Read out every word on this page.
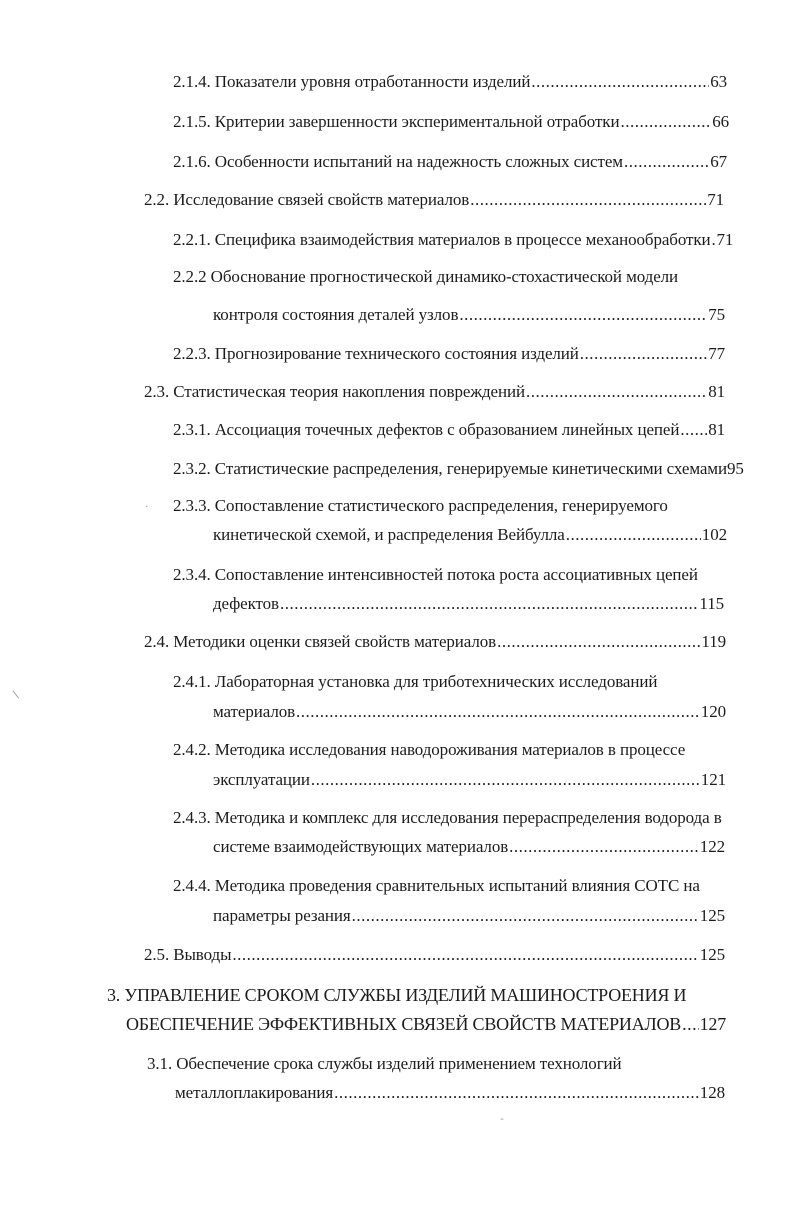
2.1.4. Показатели уровня отработанности изделий .....	63
2.1.5. Критерии завершенности экспериментальной отработки .....	66
2.1.6. Особенности испытаний на надежность сложных систем .....	67
2.2. Исследование связей свойств материалов .....	71
2.2.1. Специфика взаимодействия материалов в процессе механообработки ..... 71
2.2.2 Обоснование прогностической динамико-стохастической модели
контроля состояния деталей узлов .....	75
2.2.3. Прогнозирование технического состояния изделий .....	77
2.3. Статистическая теория накопления повреждений .....	81
2.3.1. Ассоциация точечных дефектов с образованием линейных цепей ..... 81
2.3.2. Статистические распределения, генерируемые кинетическими схемами 95
2.3.3. Сопоставление статистического распределения, генерируемого
кинетической схемой, и распределения Вейбулла .....	102
2.3.4. Сопоставление интенсивностей потока роста ассоциативных цепей
дефектов .....	115
2.4. Методики оценки связей свойств материалов .....	119
2.4.1. Лабораторная установка для триботехнических исследований
материалов .....	120
2.4.2. Методика исследования наводороживания материалов в процессе
эксплуатации .....	121
2.4.3. Методика и комплекс для исследования перераспределения водорода в
системе взаимодействующих материалов .....	122
2.4.4. Методика проведения сравнительных испытаний влияния СОТС на
параметры резания .....	125
2.5. Выводы .....	125
3. УПРАВЛЕНИЕ СРОКОМ СЛУЖБЫ ИЗДЕЛИЙ МАШИНОСТРОЕНИЯ И
ОБЕСПЕЧЕНИЕ ЭФФЕКТИВНЫХ СВЯЗЕЙ СВОЙСТВ МАТЕРИАЛОВ ..... 127
3.1. Обеспечение срока службы изделий применением технологий
металлоплакирования .....	128
·
\
-
